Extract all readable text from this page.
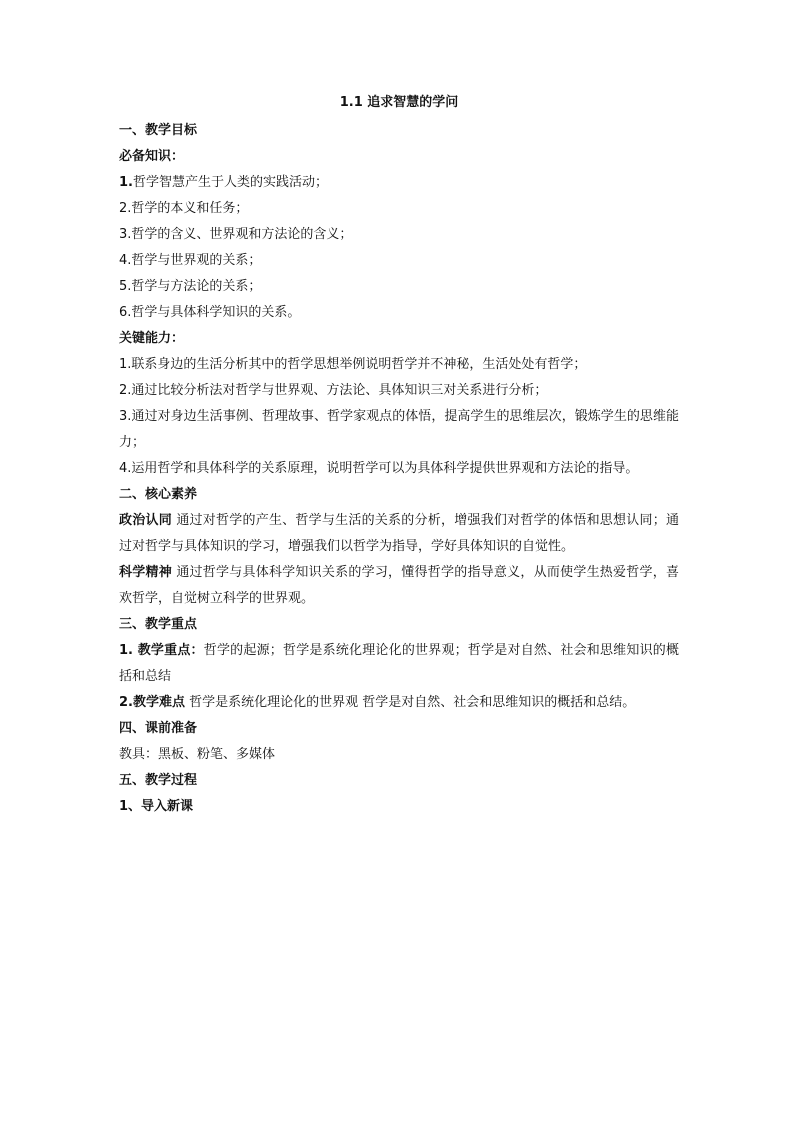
1.1 追求智慧的学问

一、教学目标

必备知识：

1.哲学智慧产生于人类的实践活动；

2.哲学的本义和任务；

3.哲学的含义、世界观和方法论的含义；

4.哲学与世界观的关系；

5.哲学与方法论的关系；

6.哲学与具体科学知识的关系。

关键能力：

1.联系身边的生活分析其中的哲学思想举例说明哲学并不神秘，生活处处有哲学；

2.通过比较分析法对哲学与世界观、方法论、具体知识三对关系进行分析；

3.通过对身边生活事例、哲理故事、哲学家观点的体悟，提高学生的思维层次，锻炼学生的思维能力；

4.运用哲学和具体科学的关系原理，说明哲学可以为具体科学提供世界观和方法论的指导。

二、核心素养

政治认同 通过对哲学的产生、哲学与生活的关系的分析，增强我们对哲学的体悟和思想认同；通过对哲学与具体知识的学习，增强我们以哲学为指导，学好具体知识的自觉性。

科学精神 通过哲学与具体科学知识关系的学习，懂得哲学的指导意义，从而使学生热爱哲学，喜欢哲学，自觉树立科学的世界观。

三、教学重点

1. 教学重点：哲学的起源；哲学是系统化理论化的世界观；哲学是对自然、社会和思维知识的概括和总结

2.教学难点 哲学是系统化理论化的世界观 哲学是对自然、社会和思维知识的概括和总结。

四、课前准备

教具：黑板、粉笔、多媒体

五、教学过程

1、导入新课
